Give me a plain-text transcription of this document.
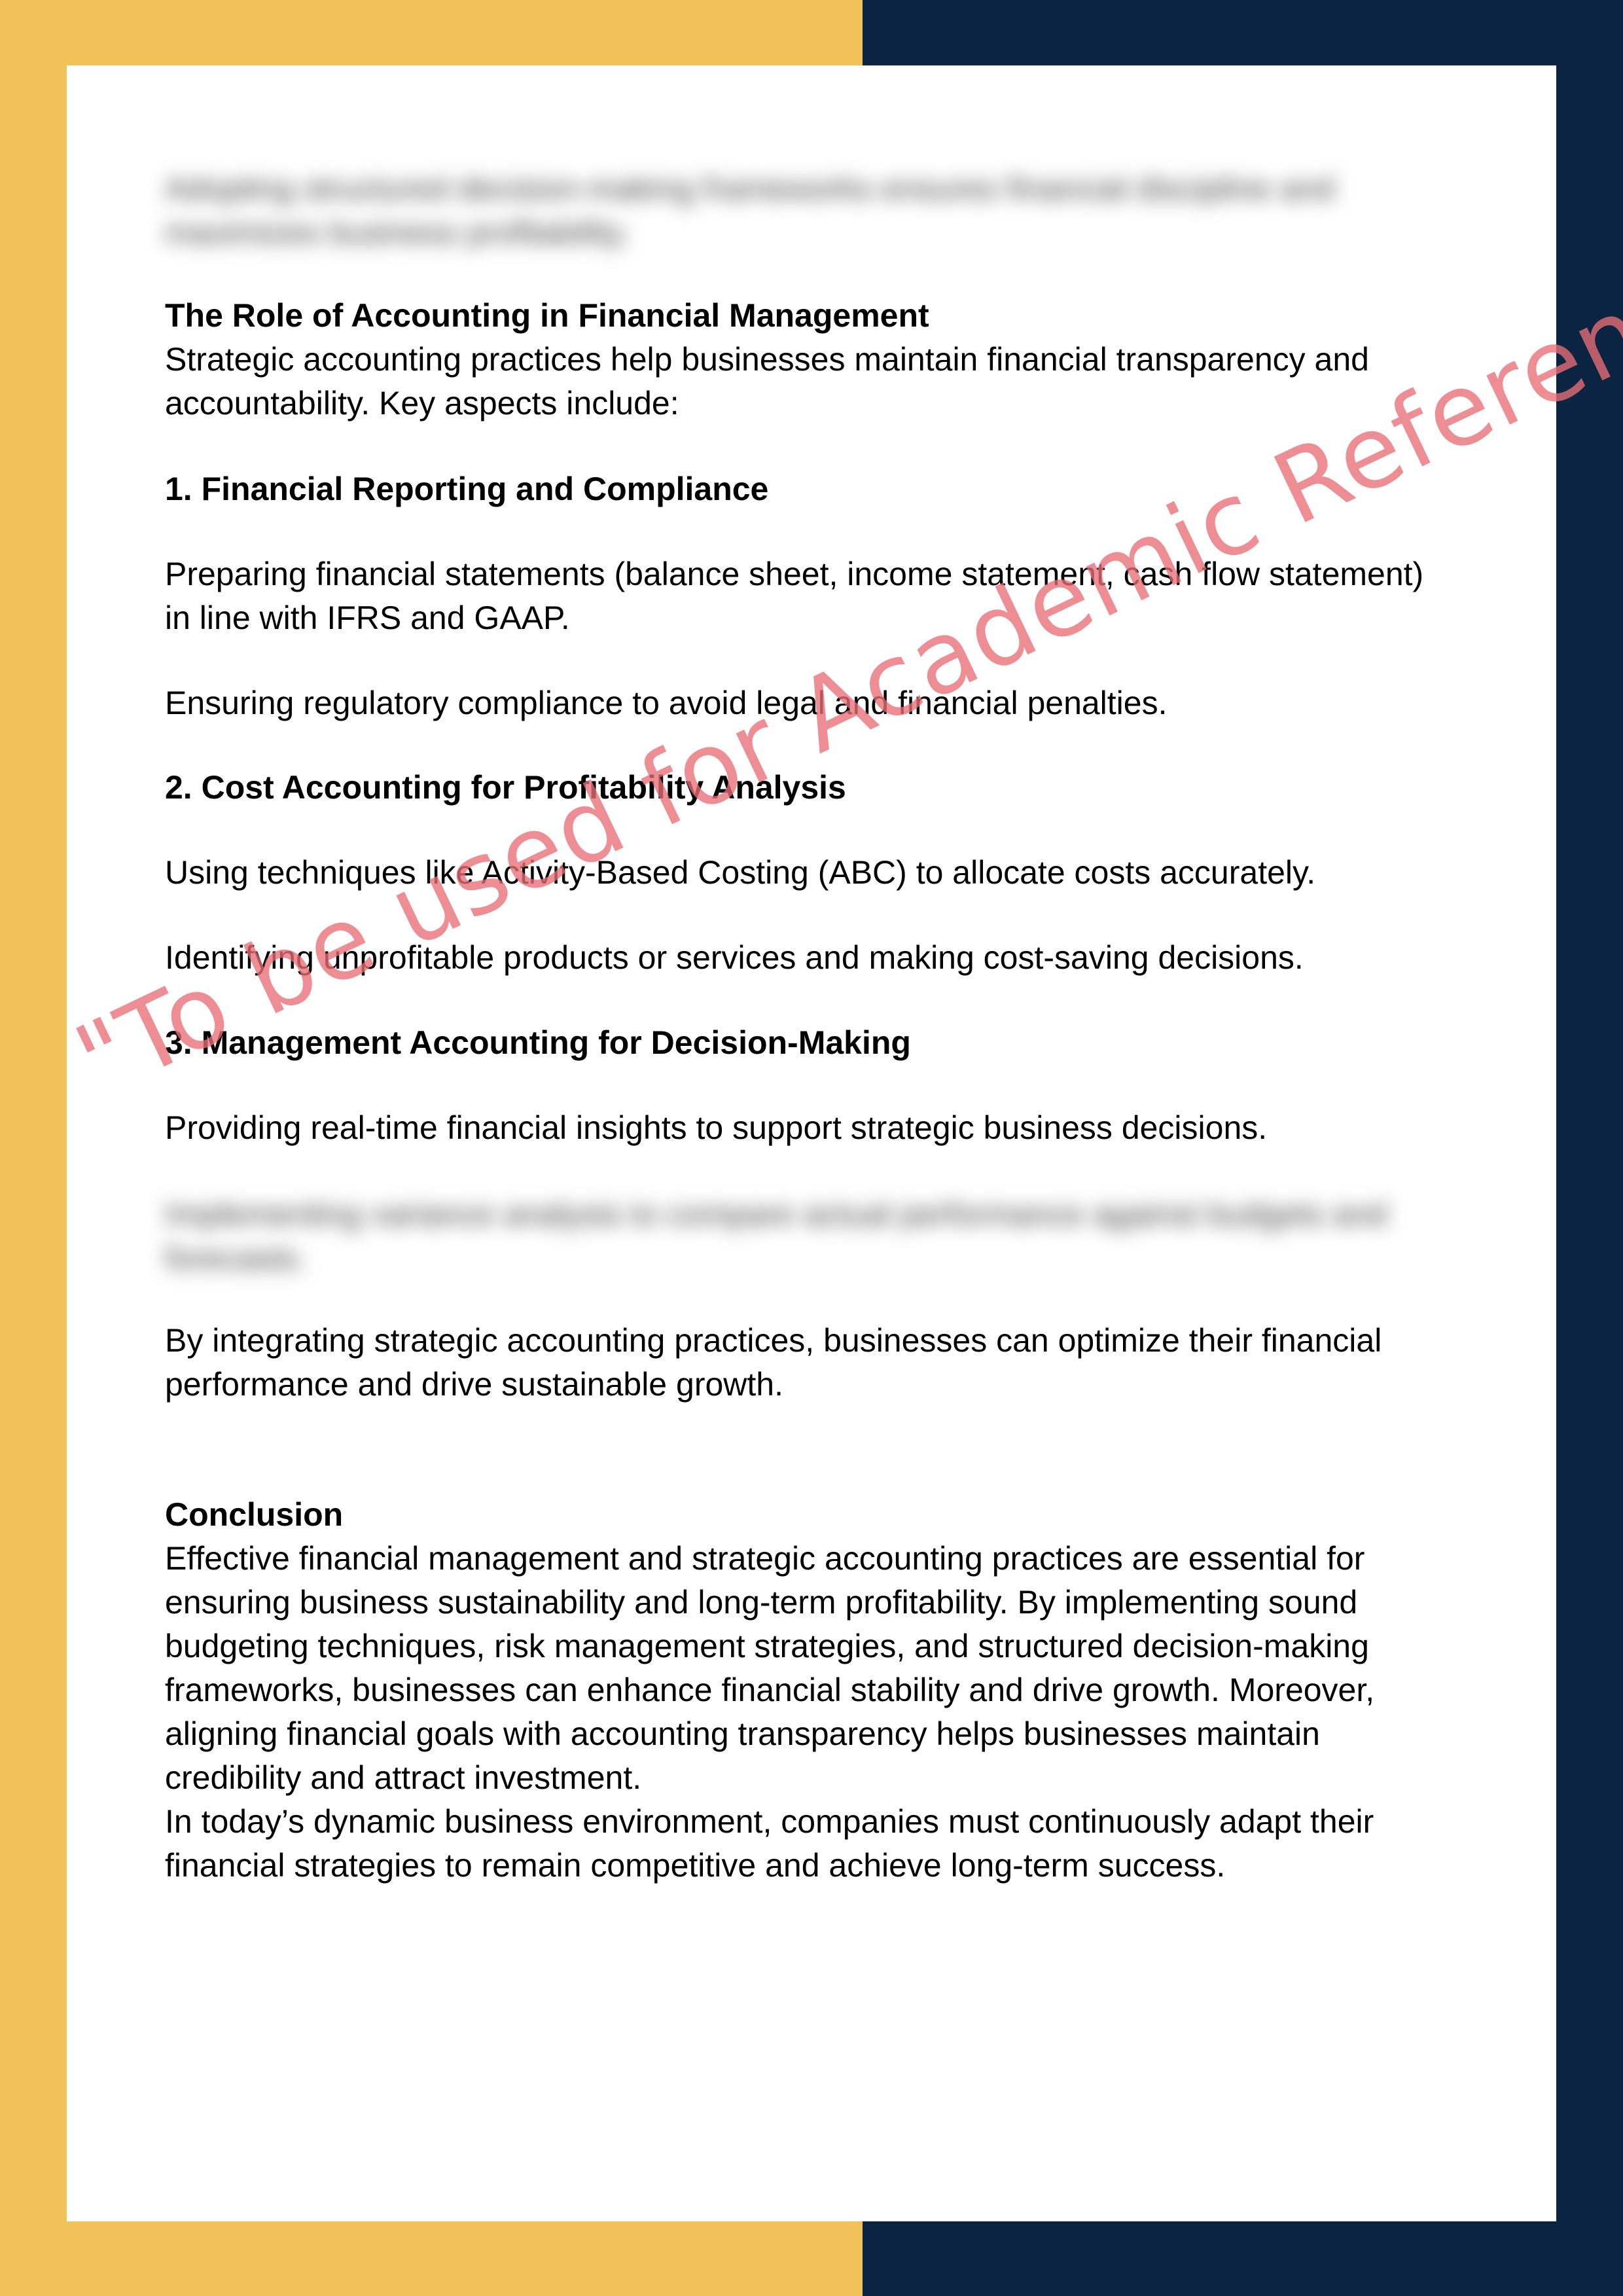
Adopting structured decision-making frameworks ensures financial discipline and
maximizes business profitability.

The Role of Accounting in Financial Management

Strategic accounting practices help businesses maintain financial transparency and

accountability. Key aspects include:

1. Financial Reporting and Compliance

Preparing financial statements (balance sheet, income statement, cash flow statement)

in line with IFRS and GAAP.

Ensuring regulatory compliance to avoid legal and financial penalties.

2. Cost Accounting for Profitability Analysis

Using techniques like Activity-Based Costing (ABC) to allocate costs accurately.

Identifying unprofitable products or services and making cost-saving decisions.

3. Management Accounting for Decision-Making

Providing real-time financial insights to support strategic business decisions.

Implementing variance analysis to compare actual performance against budgets and
forecasts.

By integrating strategic accounting practices, businesses can optimize their financial

performance and drive sustainable growth.

Conclusion

Effective financial management and strategic accounting practices are essential for

ensuring business sustainability and long-term profitability. By implementing sound

budgeting techniques, risk management strategies, and structured decision-making

frameworks, businesses can enhance financial stability and drive growth. Moreover,

aligning financial goals with accounting transparency helps businesses maintain

credibility and attract investment.

In today’s dynamic business environment, companies must continuously adapt their

financial strategies to remain competitive and achieve long-term success.

"To be used for Academic Reference
